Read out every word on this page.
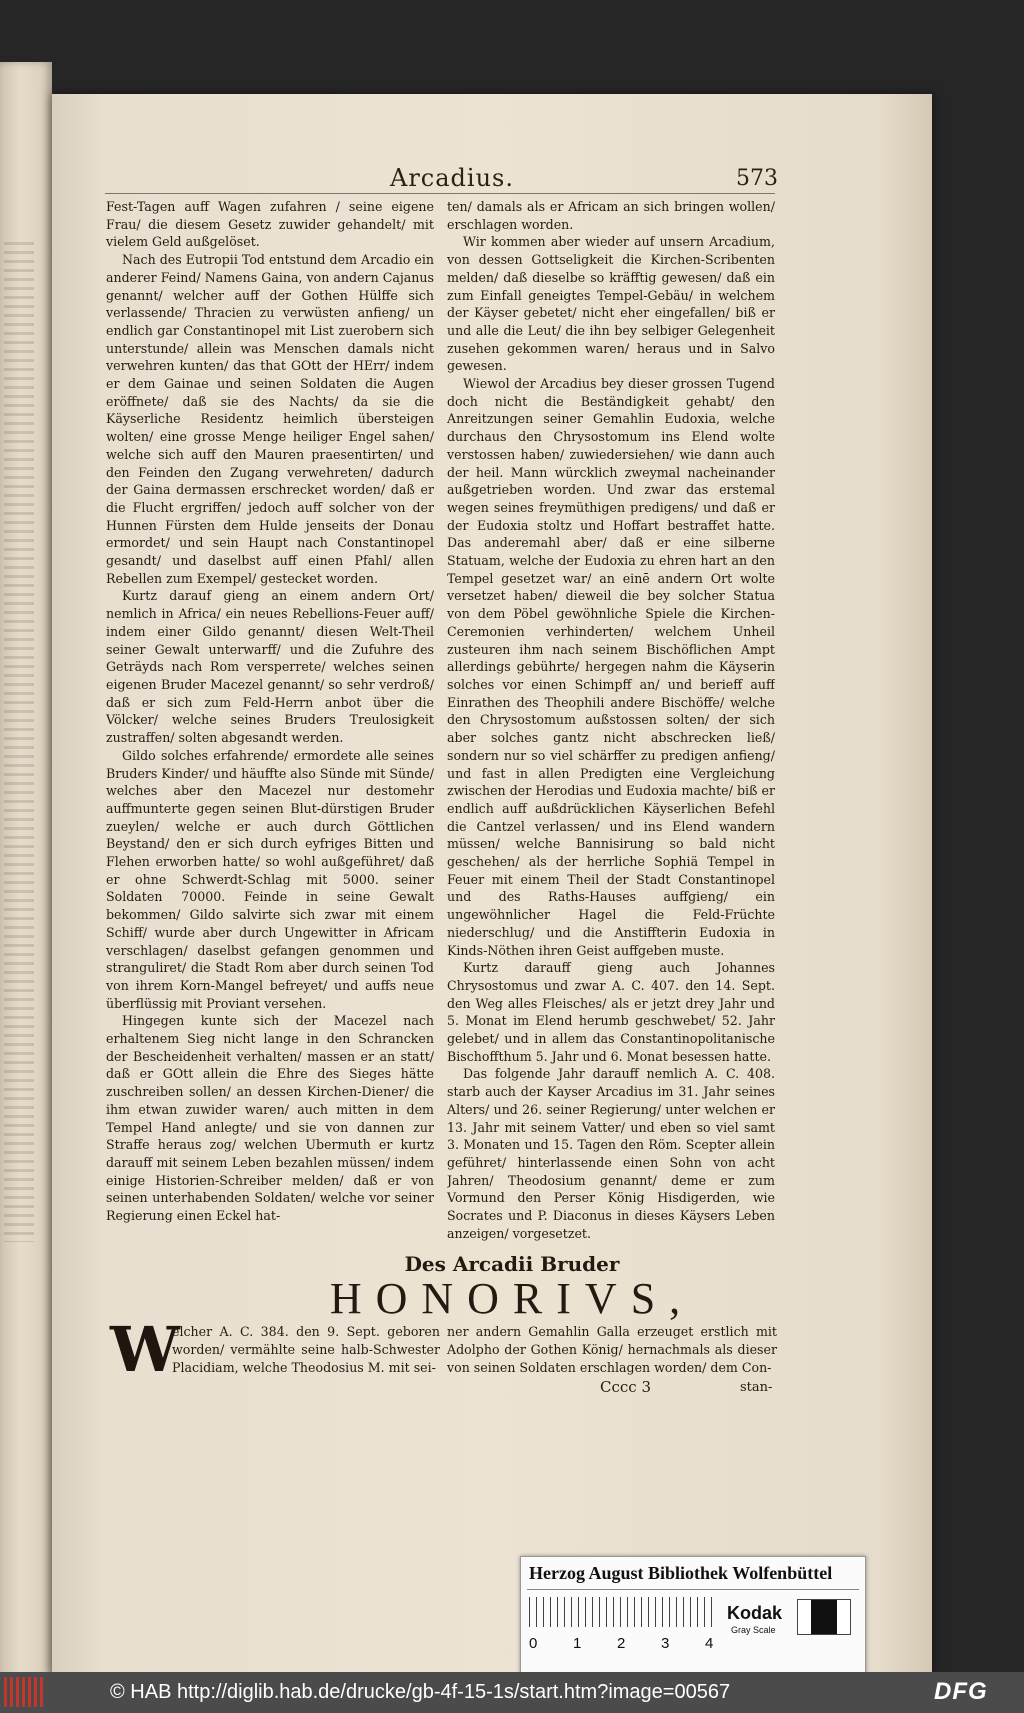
Arcadius.	573

Fest-Tagen auff Wagen zufahren / seine eigene Frau/ die diesem Gesetz zuwider gehandelt/ mit vielem Geld außgelöset.

Nach des Eutropii Tod entstund dem Arcadio ein anderer Feind/ Namens Gaina, von andern Cajanus genannt/ welcher auff der Gothen Hülffe sich verlassende/ Thracien zu verwüsten anfieng/ un endlich gar Constantinopel mit List zuerobern sich unterstunde/ allein was Menschen damals nicht verwehren kunten/ das that GOtt der HErr/ indem er dem Gainae und seinen Soldaten die Augen eröffnete/ daß sie des Nachts/ da sie die Käyserliche Residentz heimlich übersteigen wolten/ eine grosse Menge heiliger Engel sahen/ welche sich auff den Mauren praesentirten/ und den Feinden den Zugang verwehreten/ dadurch der Gaina dermassen erschrecket worden/ daß er die Flucht ergriffen/ jedoch auff solcher von der Hunnen Fürsten dem Hulde jenseits der Donau ermordet/ und sein Haupt nach Constantinopel gesandt/ und daselbst auff einen Pfahl/ allen Rebellen zum Exempel/ gestecket worden.

Kurtz darauf gieng an einem andern Ort/ nemlich in Africa/ ein neues Rebellions-Feuer auff/ indem einer Gildo genannt/ diesen Welt-Theil seiner Gewalt unterwarff/ und die Zufuhre des Geträyds nach Rom versperrete/ welches seinen eigenen Bruder Macezel genannt/ so sehr verdroß/ daß er sich zum Feld-Herrn anbot über die Völcker/ welche seines Bruders Treulosigkeit zustraffen/ solten abgesandt werden.

Gildo solches erfahrende/ ermordete alle seines Bruders Kinder/ und häuffte also Sünde mit Sünde/ welches aber den Macezel nur destomehr auffmunterte gegen seinen Blut-dürstigen Bruder zueylen/ welche er auch durch Göttlichen Beystand/ den er sich durch eyfriges Bitten und Flehen erworben hatte/ so wohl außgeführet/ daß er ohne Schwerdt-Schlag mit 5000. seiner Soldaten 70000. Feinde in seine Gewalt bekommen/ Gildo salvirte sich zwar mit einem Schiff/ wurde aber durch Ungewitter in Africam verschlagen/ daselbst gefangen genommen und stranguliret/ die Stadt Rom aber durch seinen Tod von ihrem Korn-Mangel befreyet/ und auffs neue überflüssig mit Proviant versehen.

Hingegen kunte sich der Macezel nach erhaltenem Sieg nicht lange in den Schrancken der Bescheidenheit verhalten/ massen er an statt/ daß er GOtt allein die Ehre des Sieges hätte zuschreiben sollen/ an dessen Kirchen-Diener/ die ihm etwan zuwider waren/ auch mitten in dem Tempel Hand anlegte/ und sie von dannen zur Straffe heraus zog/ welchen Ubermuth er kurtz darauff mit seinem Leben bezahlen müssen/ indem einige Historien-Schreiber melden/ daß er von seinen unterhabenden Soldaten/ welche vor seiner Regierung einen Eckel hat-

ten/ damals als er Africam an sich bringen wollen/ erschlagen worden.

Wir kommen aber wieder auf unsern Arcadium, von dessen Gottseligkeit die Kirchen-Scribenten melden/ daß dieselbe so kräfftig gewesen/ daß ein zum Einfall geneigtes Tempel-Gebäu/ in welchem der Käyser gebetet/ nicht eher eingefallen/ biß er und alle die Leut/ die ihn bey selbiger Gelegenheit zusehen gekommen waren/ heraus und in Salvo gewesen.

Wiewol der Arcadius bey dieser grossen Tugend doch nicht die Beständigkeit gehabt/ den Anreitzungen seiner Gemahlin Eudoxia, welche durchaus den Chrysostomum ins Elend wolte verstossen haben/ zuwiedersiehen/ wie dann auch der heil. Mann würcklich zweymal nacheinander außgetrieben worden. Und zwar das erstemal wegen seines freymüthigen predigens/ und daß er der Eudoxia stoltz und Hoffart bestraffet hatte. Das anderemahl aber/ daß er eine silberne Statuam, welche der Eudoxia zu ehren hart an den Tempel gesetzet war/ an einē andern Ort wolte versetzet haben/ dieweil die bey solcher Statua von dem Pöbel gewöhnliche Spiele die Kirchen-Ceremonien verhinderten/ welchem Unheil zusteuren ihm nach seinem Bischöflichen Ampt allerdings gebührte/ hergegen nahm die Käyserin solches vor einen Schimpff an/ und berieff auff Einrathen des Theophili andere Bischöffe/ welche den Chrysostomum außstossen solten/ der sich aber solches gantz nicht abschrecken ließ/ sondern nur so viel schärffer zu predigen anfieng/ und fast in allen Predigten eine Vergleichung zwischen der Herodias und Eudoxia machte/ biß er endlich auff außdrücklichen Käyserlichen Befehl die Cantzel verlassen/ und ins Elend wandern müssen/ welche Bannisirung so bald nicht geschehen/ als der herrliche Sophiä Tempel in Feuer mit einem Theil der Stadt Constantinopel und des Raths-Hauses auffgieng/ ein ungewöhnlicher Hagel die Feld-Früchte niederschlug/ und die Anstiffterin Eudoxia in Kinds-Nöthen ihren Geist auffgeben muste.

Kurtz darauff gieng auch Johannes Chrysostomus und zwar A. C. 407. den 14. Sept. den Weg alles Fleisches/ als er jetzt drey Jahr und 5. Monat im Elend herumb geschwebet/ 52. Jahr gelebet/ und in allem das Constantinopolitanische Bischoffthum 5. Jahr und 6. Monat besessen hatte.

Das folgende Jahr darauff nemlich A. C. 408. starb auch der Kayser Arcadius im 31. Jahr seines Alters/ und 26. seiner Regierung/ unter welchen er 13. Jahr mit seinem Vatter/ und eben so viel samt 3. Monaten und 15. Tagen den Röm. Scepter allein geführet/ hinterlassende einen Sohn von acht Jahren/ Theodosium genannt/ deme er zum Vormund den Perser König Hisdigerden, wie Socrates und P. Diaconus in dieses Käysers Leben anzeigen/ vorgesetzet.

Des Arcadii Bruder
HONORIVS,
W
elcher A. C. 384. den 9. Sept. geboren worden/ vermählte seine halb-Schwester Placidiam, welche Theodosius M. mit sei-
ner andern Gemahlin Galla erzeuget erstlich mit Adolpho der Gothen König/ hernachmals als dieser von seinen Soldaten erschlagen worden/ dem Con-
Cccc 3	stan-
Herzog August Bibliothek Wolfenbüttel
0 1 2 3 4
Kodak
Gray Scale
© HAB http://diglib.hab.de/drucke/gb-4f-15-1s/start.htm?image=00567	DFG
